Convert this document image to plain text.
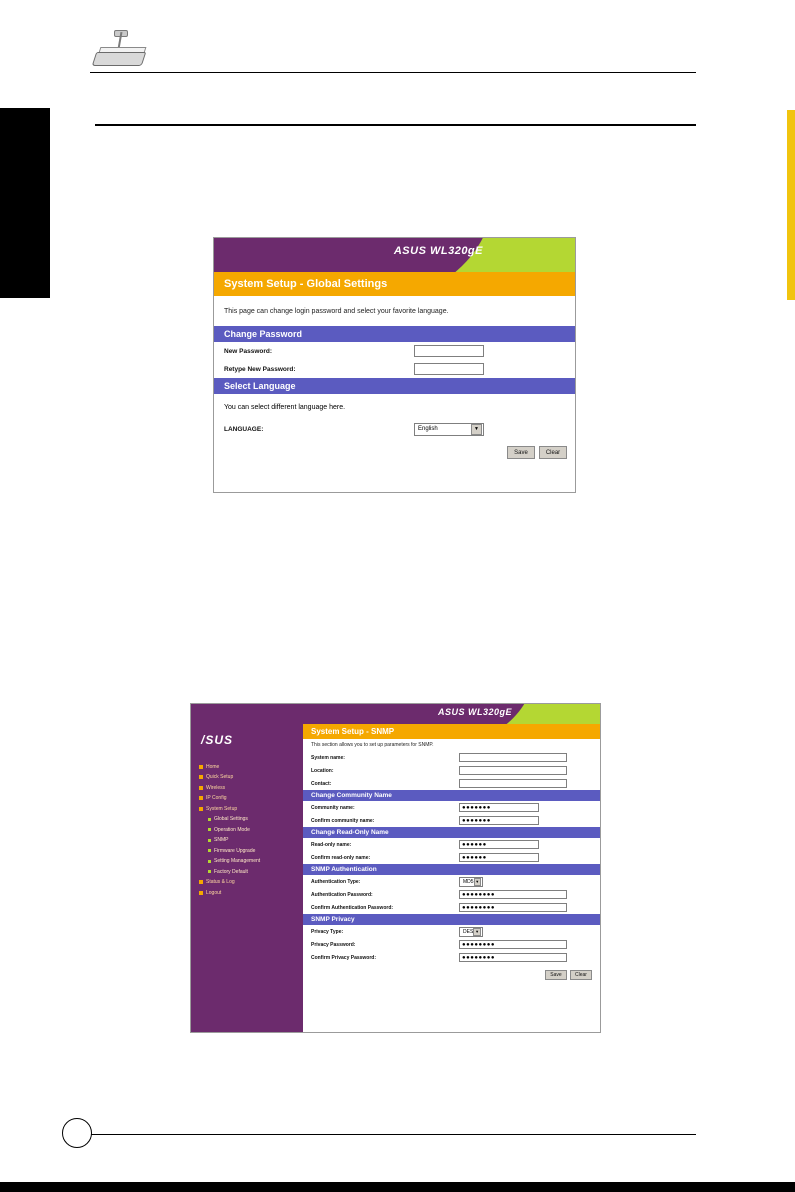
ASUS WL320gE
System Setup - Global Settings
This page can change login password and select your favorite language.
Change Password
New Password:
Retype New Password:
Select Language
You can select different language here.
LANGUAGE:	English	▼
Save	Clear
ASUS WL320gE
/SUS
Home
Quick Setup
Wireless
IP Config
System Setup
Global Settings
Operation Mode
SNMP
Firmware Upgrade
Setting Management
Factory Default
Status & Log
Logout
System Setup - SNMP
This section allows you to set up parameters for SNMP.
System name:
Location:
Contact:
Change Community Name
Community name:	●●●●●●●
Confirm community name:	●●●●●●●
Change Read-Only Name
Read-only name:	●●●●●●
Confirm read-only name:	●●●●●●
SNMP Authentication
Authentication Type:	MD5 ▼
Authentication Password:	●●●●●●●●
Confirm Authentication Password:	●●●●●●●●
SNMP Privacy
Privacy Type:	DES ▼
Privacy Password:	●●●●●●●●
Confirm Privacy Password:	●●●●●●●●
Save	Clear
